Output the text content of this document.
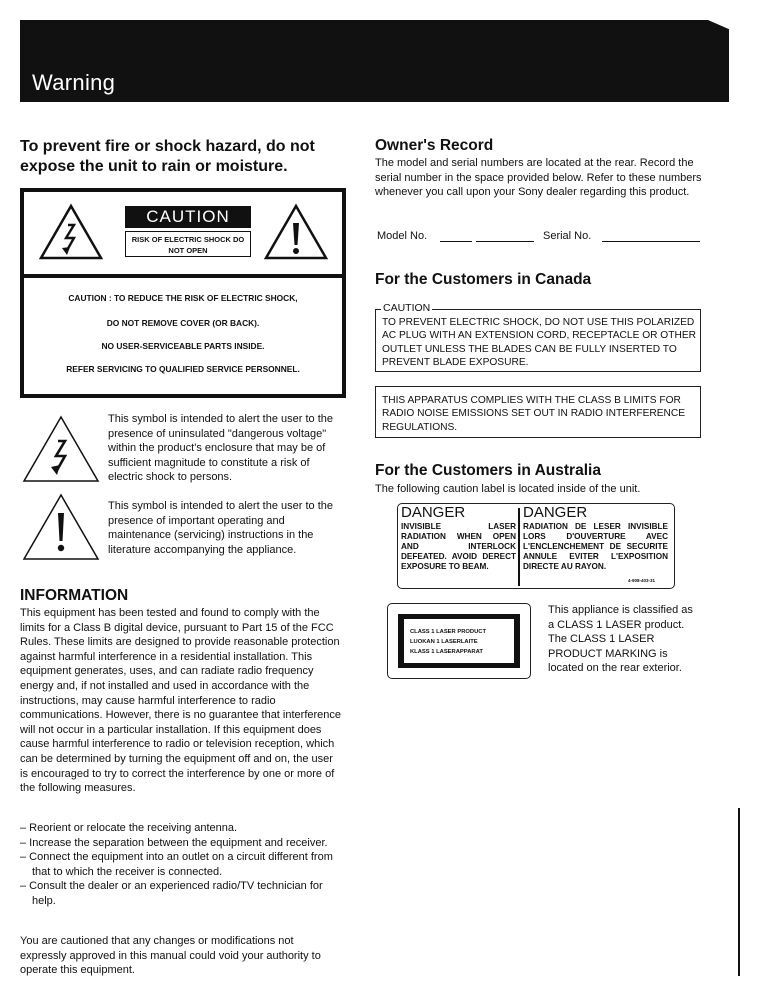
Warning
To prevent fire or shock hazard, do not expose the unit to rain or moisture.
CAUTION
RISK OF ELECTRIC SHOCK DO NOT OPEN
CAUTION : TO REDUCE THE RISK OF ELECTRIC SHOCK,
DO NOT REMOVE COVER (OR BACK).
NO USER-SERVICEABLE PARTS INSIDE.
REFER SERVICING TO QUALIFIED SERVICE PERSONNEL.
This symbol is intended to alert the user to the presence of uninsulated "dangerous voltage" within the product's enclosure that may be of sufficient magnitude to constitute a risk of electric shock to persons.
This symbol is intended to alert the user to the presence of important operating and maintenance (servicing) instructions in the literature accompanying the appliance.
INFORMATION
This equipment has been tested and found to comply with the limits for a Class B digital device, pursuant to Part 15 of the FCC Rules. These limits are designed to provide reasonable protection against harmful interference in a residential installation. This equipment generates, uses, and can radiate radio frequency energy and, if not installed and used in accordance with the instructions, may cause harmful interference to radio communications. However, there is no guarantee that interference will not occur in a particular installation. If this equipment does cause harmful interference to radio or television reception, which can be determined by turning the equipment off and on, the user is encouraged to try to correct the interference by one or more of the following measures.
– Reorient or relocate the receiving antenna.
– Increase the separation between the equipment and receiver.
– Connect the equipment into an outlet on a circuit different from that to which the receiver is connected.
– Consult the dealer or an experienced radio/TV technician for help.
You are cautioned that any changes or modifications not expressly approved in this manual could void your authority to operate this equipment.
Owner's Record
The model and serial numbers are located at the rear. Record the serial number in the space provided below. Refer to these numbers whenever you call upon your Sony dealer regarding this product.
Model No.	Serial No.
For the Customers in Canada
CAUTION
TO PREVENT ELECTRIC SHOCK, DO NOT USE THIS POLARIZED AC PLUG WITH AN EXTENSION CORD, RECEPTACLE OR OTHER OUTLET UNLESS THE BLADES CAN BE FULLY INSERTED TO PREVENT BLADE EXPOSURE.
THIS APPARATUS COMPLIES WITH THE CLASS B LIMITS FOR RADIO NOISE EMISSIONS SET OUT IN RADIO INTERFERENCE REGULATIONS.
For the Customers in Australia
The following caution label is located inside of the unit.
DANGER
INVISIBLE LASER RADIATION WHEN OPEN AND INTERLOCK DEFEATED. AVOID DERECT EXPOSURE TO BEAM.
DANGER
RADIATION DE LESER INVISIBLE LORS D'OUVERTURE AVEC L'ENCLENCHEMENT DE SECURITE ANNULE EVITER L'EXPOSITION DIRECTE AU RAYON.
4-908-403-31
CLASS 1 LASER PRODUCT
LUOKAN 1 LASERLAITE
KLASS 1 LASERAPPARAT
This appliance is classified as a CLASS 1 LASER product.
The CLASS 1 LASER PRODUCT MARKING is located on the rear exterior.
